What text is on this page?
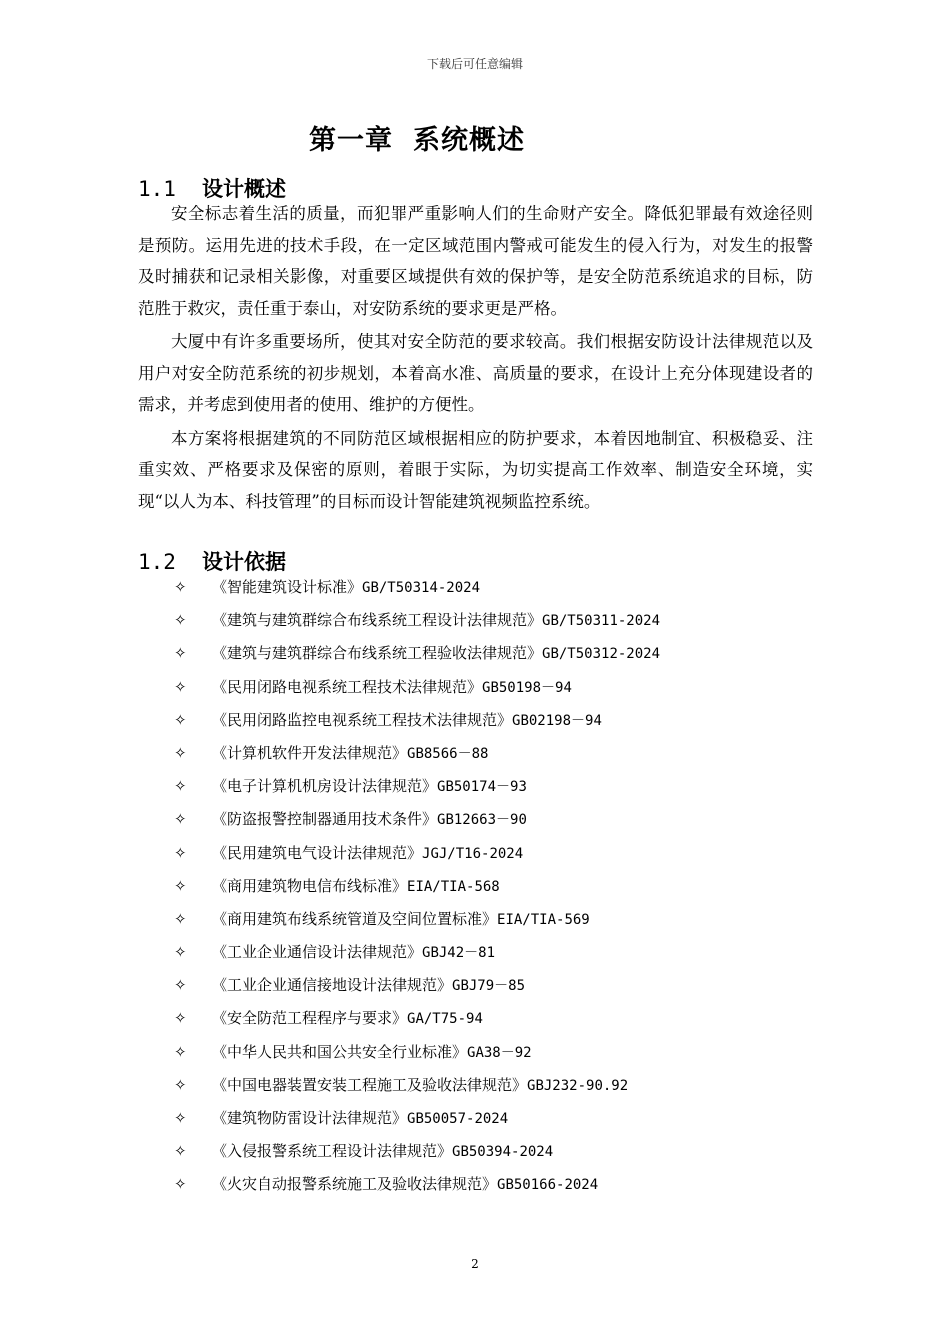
下载后可任意编辑
第一章 系统概述
1.1 设计概述

安全标志着生活的质量，而犯罪严重影响人们的生命财产安全。降低犯罪最有效途径则是预防。运用先进的技术手段，在一定区域范围内警戒可能发生的侵入行为，对发生的报警及时捕获和记录相关影像，对重要区域提供有效的保护等，是安全防范系统追求的目标，防范胜于救灾，责任重于泰山，对安防系统的要求更是严格。

大厦中有许多重要场所，使其对安全防范的要求较高。我们根据安防设计法律规范以及用户对安全防范系统的初步规划，本着高水准、高质量的要求，在设计上充分体现建设者的需求，并考虑到使用者的使用、维护的方便性。

本方案将根据建筑的不同防范区域根据相应的防护要求，本着因地制宜、积极稳妥、注重实效、严格要求及保密的原则，着眼于实际，为切实提高工作效率、制造安全环境，实现“以人为本、科技管理”的目标而设计智能建筑视频监控系统。

1.2 设计依据
✧ 《智能建筑设计标准》GB/T50314-2024
✧ 《建筑与建筑群综合布线系统工程设计法律规范》GB/T50311-2024
✧ 《建筑与建筑群综合布线系统工程验收法律规范》GB/T50312-2024
✧ 《民用闭路电视系统工程技术法律规范》GB50198－94
✧ 《民用闭路监控电视系统工程技术法律规范》GB02198－94
✧ 《计算机软件开发法律规范》GB8566－88
✧ 《电子计算机机房设计法律规范》GB50174－93
✧ 《防盗报警控制器通用技术条件》GB12663－90
✧ 《民用建筑电气设计法律规范》JGJ/T16-2024
✧ 《商用建筑物电信布线标准》EIA/TIA-568
✧ 《商用建筑布线系统管道及空间位置标准》EIA/TIA-569
✧ 《工业企业通信设计法律规范》GBJ42－81
✧ 《工业企业通信接地设计法律规范》GBJ79－85
✧ 《安全防范工程程序与要求》GA/T75-94
✧ 《中华人民共和国公共安全行业标准》GA38－92
✧ 《中国电器装置安装工程施工及验收法律规范》GBJ232-90.92
✧ 《建筑物防雷设计法律规范》GB50057-2024
✧ 《入侵报警系统工程设计法律规范》GB50394-2024
✧ 《火灾自动报警系统施工及验收法律规范》GB50166-2024
2
